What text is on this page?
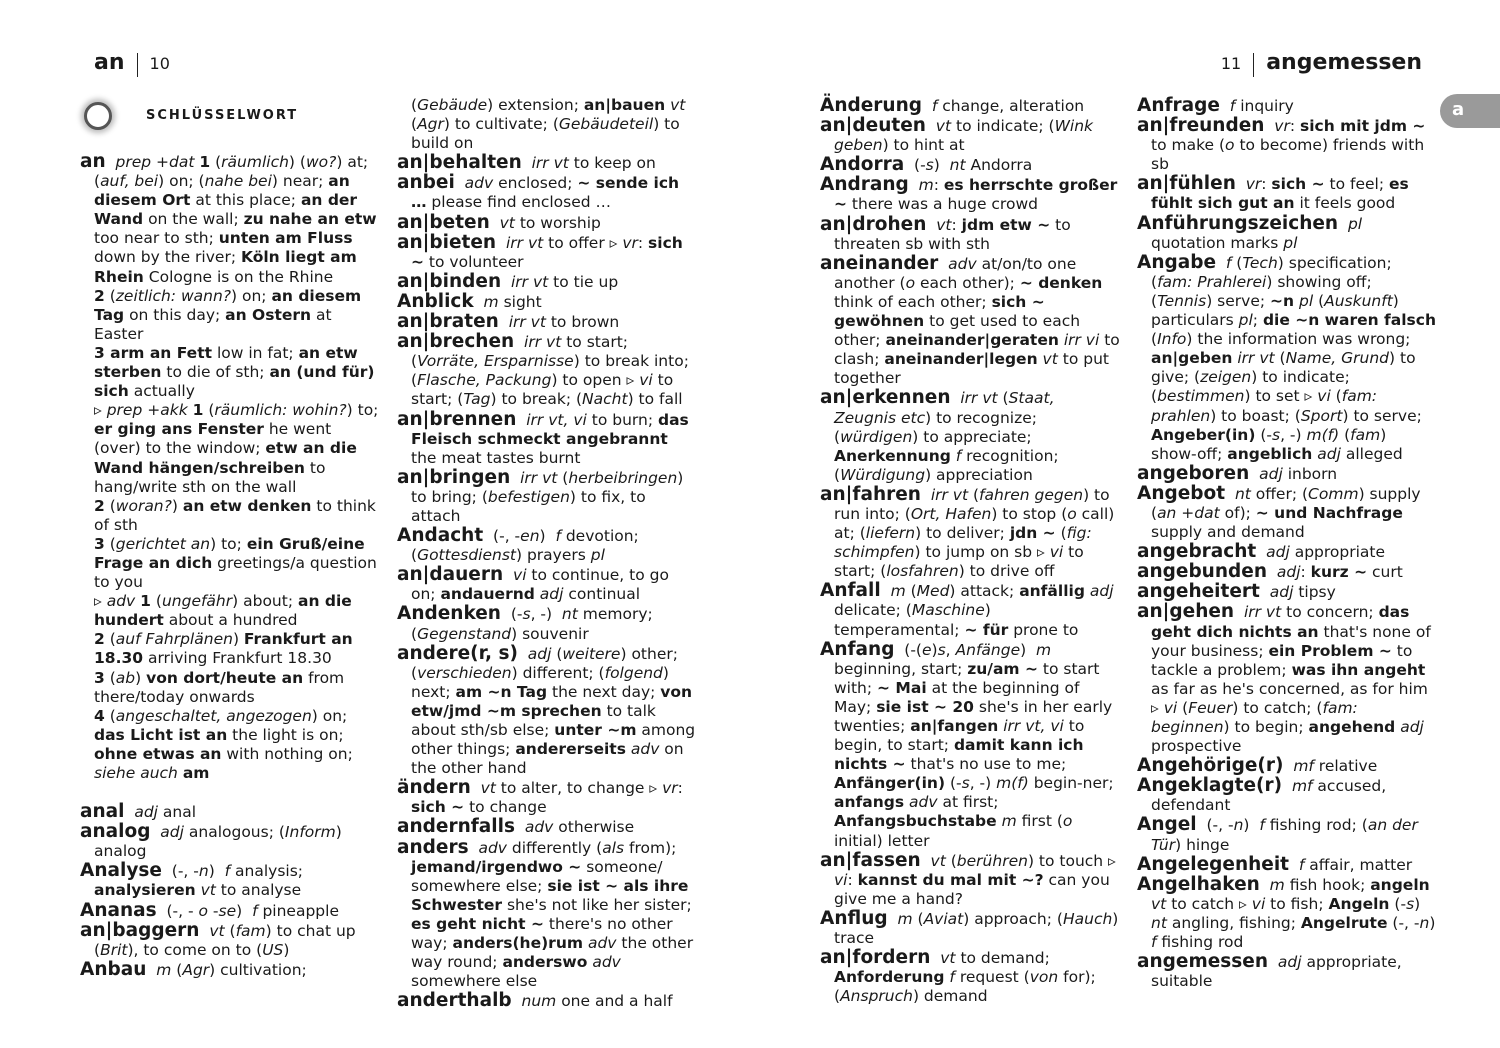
an 10	11 angemessen
a
SCHLÜSSELWORT
an prep +dat 1 (räumlich) (wo?) at; (auf, bei) on; (nahe bei) near; an diesem Ort at this place; an der Wand on the wall; zu nahe an etw too near to sth; unten am Fluss down by the river; Köln liegt am Rhein Cologne is on the Rhine
2 (zeitlich: wann?) on; an diesem Tag on this day; an Ostern at Easter
3 arm an Fett low in fat; an etw sterben to die of sth; an (und für) sich actually
▹ prep +akk 1 (räumlich: wohin?) to; er ging ans Fenster he went (over) to the window; etw an die Wand hängen/schreiben to hang/write sth on the wall
2 (woran?) an etw denken to think of sth
3 (gerichtet an) to; ein Gruß/eine Frage an dich greetings/a question to you
▹ adv 1 (ungefähr) about; an die hundert about a hundred
2 (auf Fahrplänen) Frankfurt an 18.30 arriving Frankfurt 18.30
3 (ab) von dort/heute an from there/today onwards
4 (angeschaltet, angezogen) on; das Licht ist an the light is on; ohne etwas an with nothing on; siehe auch am
anal adj anal
analog adj analogous; (Inform) analog
Analyse  (-, -n)  f analysis; analysieren vt to analyse
Ananas  (-, - o -se)  f pineapple
an|baggern vt (fam) to chat up (Brit), to come on to (US)
Anbau m (Agr) cultivation;
(Gebäude) extension; an|bauen vt (Agr) to cultivate; (Gebäudeteil) to build on
an|behalten irr vt to keep on
anbei adv enclosed; ~ sende ich … please find enclosed …
an|beten vt to worship
an|bieten irr vt to offer ▹ vr: sich ~ to volunteer
an|binden irr vt to tie up
Anblick m sight
an|braten irr vt to brown
an|brechen irr vt to start; (Vorräte, Ersparnisse) to break into; (Flasche, Packung) to open ▹ vi to start; (Tag) to break; (Nacht) to fall
an|brennen irr vt, vi to burn; das Fleisch schmeckt angebrannt the meat tastes burnt
an|bringen irr vt (herbeibringen) to bring; (befestigen) to fix, to attach
Andacht  (-, -en)  f devotion; (Gottesdienst) prayers pl
an|dauern vi to continue, to go on; andauernd adj continual
Andenken  (-s, -)  nt memory; (Gegenstand) souvenir
andere(r, s) adj (weitere) other; (verschieden) different; (folgend) next; am ~n Tag the next day; von etw/jmd ~m sprechen to talk about sth/sb else; unter ~m among other things; andererseits adv on the other hand
ändern vt to alter, to change ▹ vr: sich ~ to change
andernfalls adv otherwise
anders adv differently (als from); jemand/irgendwo ~ someone/ somewhere else; sie ist ~ als ihre Schwester she's not like her sister; es geht nicht ~ there's no other way; anders(he)rum adv the other way round; anderswo adv somewhere else
anderthalb num one and a half
Änderung f change, alteration
an|deuten vt to indicate; (Wink geben) to hint at
Andorra  (-s)  nt Andorra
Andrang m: es herrschte großer ~ there was a huge crowd
an|drohen vt: jdm etw ~ to threaten sb with sth
aneinander adv at/on/to one another (o each other); ~ denken think of each other; sich ~ gewöhnen to get used to each other; aneinander|geraten irr vi to clash; aneinander|legen vt to put together
an|erkennen irr vt (Staat, Zeugnis etc) to recognize; (würdigen) to appreciate; Anerkennung f recognition; (Würdigung) appreciation
an|fahren irr vt (fahren gegen) to run into; (Ort, Hafen) to stop (o call) at; (liefern) to deliver; jdn ~ (fig: schimpfen) to jump on sb ▹ vi to start; (losfahren) to drive off
Anfall m (Med) attack; anfällig adj delicate; (Maschine) temperamental; ~ für prone to
Anfang  (-(e)s, Anfänge)  m beginning, start; zu/am ~ to start with; ~ Mai at the beginning of May; sie ist ~ 20 she's in her early twenties; an|fangen irr vt, vi to begin, to start; damit kann ich nichts ~ that's no use to me; Anfänger(in) (-s, -) m(f) begin-ner; anfangs adv at first; Anfangsbuchstabe m first (o initial) letter
an|fassen vt (berühren) to touch ▹ vi: kannst du mal mit ~? can you give me a hand?
Anflug m (Aviat) approach; (Hauch) trace
an|fordern vt to demand; Anforderung f request (von for); (Anspruch) demand
Anfrage f inquiry
an|freunden vr: sich mit jdm ~ to make (o to become) friends with sb
an|fühlen vr: sich ~ to feel; es fühlt sich gut an it feels good
Anführungszeichen pl quotation marks pl
Angabe f (Tech) specification; (fam: Prahlerei) showing off; (Tennis) serve; ~n pl (Auskunft) particulars pl; die ~n waren falsch (Info) the information was wrong; an|geben irr vt (Name, Grund) to give; (zeigen) to indicate; (bestimmen) to set ▹ vi (fam: prahlen) to boast; (Sport) to serve; Angeber(in) (-s, -) m(f) (fam) show-off; angeblich adj alleged
angeboren adj inborn
Angebot nt offer; (Comm) supply (an +dat of); ~ und Nachfrage supply and demand
angebracht adj appropriate
angebunden adj: kurz ~ curt
angeheitert adj tipsy
an|gehen irr vt to concern; das geht dich nichts an that's none of your business; ein Problem ~ to tackle a problem; was ihn angeht as far as he's concerned, as for him ▹ vi (Feuer) to catch; (fam: beginnen) to begin; angehend adj prospective
Angehörige(r) mf relative
Angeklagte(r) mf accused, defendant
Angel  (-, -n)  f fishing rod; (an der Tür) hinge
Angelegenheit f affair, matter
Angelhaken m fish hook; angeln vt to catch ▹ vi to fish; Angeln (-s) nt angling, fishing; Angelrute (-, -n) f fishing rod
angemessen adj appropriate, suitable
